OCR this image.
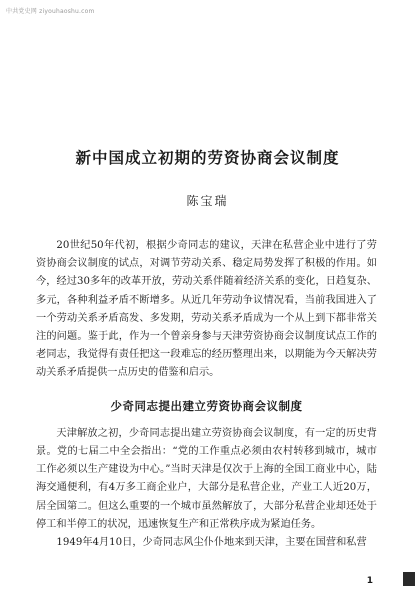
中共党史网 ziyouhaoshu.com
新中国成立初期的劳资协商会议制度
陈宝瑞

20世纪50年代初，根据少奇同志的建议，天津在私营企业中进行了劳资协商会议制度的试点，对调节劳动关系、稳定局势发挥了积极的作用。如今，经过30多年的改革开放，劳动关系伴随着经济关系的变化，日趋复杂、多元，各种利益矛盾不断增多。从近几年劳动争议情况看，当前我国进入了一个劳动关系矛盾高发、多发期，劳动关系矛盾成为一个从上到下都非常关注的问题。鉴于此，作为一个曾亲身参与天津劳资协商会议制度试点工作的老同志，我觉得有责任把这一段难忘的经历整理出来，以期能为今天解决劳动关系矛盾提供一点历史的借鉴和启示。

少奇同志提出建立劳资协商会议制度

天津解放之初，少奇同志提出建立劳资协商会议制度，有一定的历史背景。党的七届二中全会指出：“党的工作重点必须由农村转移到城市，城市工作必须以生产建设为中心。”当时天津是仅次于上海的全国工商业中心，陆海交通便利，有4万多工商企业户，大部分是私营企业，产业工人近20万，居全国第二。但这么重要的一个城市虽然解放了，大部分私营企业却还处于停工和半停工的状况，迅速恢复生产和正常秩序成为紧迫任务。

1949年4月10日，少奇同志风尘仆仆地来到天津，主要在国营和私营

1
